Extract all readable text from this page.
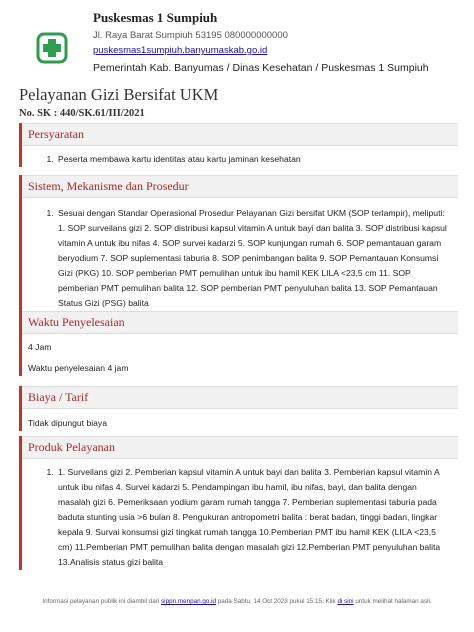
Puskesmas 1 Sumpiuh
Jl. Raya Barat Sumpiuh 53195 080000000000
puskesmas1sumpiuh.banyumaskab.go.id
Pemerintah Kab. Banyumas / Dinas Kesehatan / Puskesmas 1 Sumpiuh
Pelayanan Gizi Bersifat UKM
No. SK : 440/SK.61/III/2021
Persyaratan
1. Peserta membawa kartu identitas atau kartu jaminan kesehatan
Sistem, Mekanisme dan Prosedur
1. Sesuai dengan Standar Operasional Prosedur Pelayanan Gizi bersifat UKM (SOP terlampir), meliputi: 1. SOP surveilans gizi 2. SOP distribusi kapsul vitamin A untuk bayi dan balita 3. SOP distribusi kapsul vitamin A untuk ibu nifas 4. SOP survei kadarzi 5. SOP kunjungan rumah 6. SOP pemantauan garam beryodium 7. SOP suplementasi taburia 8. SOP penimbangan balita 9. SOP Pemantauan Konsumsi Gizi (PKG) 10. SOP pemberian PMT pemulihan untuk ibu hamil KEK LILA <23,5 cm 11. SOP pemberian PMT pemulihan balita 12. SOP pemberian PMT penyuluhan balita 13. SOP Pemantauan Status Gizi (PSG) balita
Waktu Penyelesaian

4 Jam

Waktu penyelesaian 4 jam

Biaya / Tarif

Tidak dipungut biaya

Produk Pelayanan
1. 1. Surveilans gizi 2. Pemberian kapsul vitamin A untuk bayi dan balita 3. Pemberian kapsul vitamin A untuk ibu nifas 4. Survei kadarzi 5. Pendampingan ibu hamil, ibu nifas, bayi, dan balita dengan masalah gizi 6. Pemeriksaan yodium garam rumah tangga 7. Pemberian suplementasi taburia pada baduta stunting usia >6 bulan 8. Pengukuran antropometri balita : berat badan, tinggi badan, lingkar kepala 9. Survai konsumsi gizi tingkat rumah tangga 10.Pemberian PMT ibu hamil KEK (LILA <23,5 cm) 11.Pemberian PMT pemulihan balita dengan masalah gizi 12.Pemberian PMT penyuluhan balita 13.Analisis status gizi balita
Informasi pelayanan publik ini diambil dari sippn.menpan.go.id pada Sabtu, 14 Oct 2023 pukul 15:15. Klik di sini untuk melihat halaman asli.
